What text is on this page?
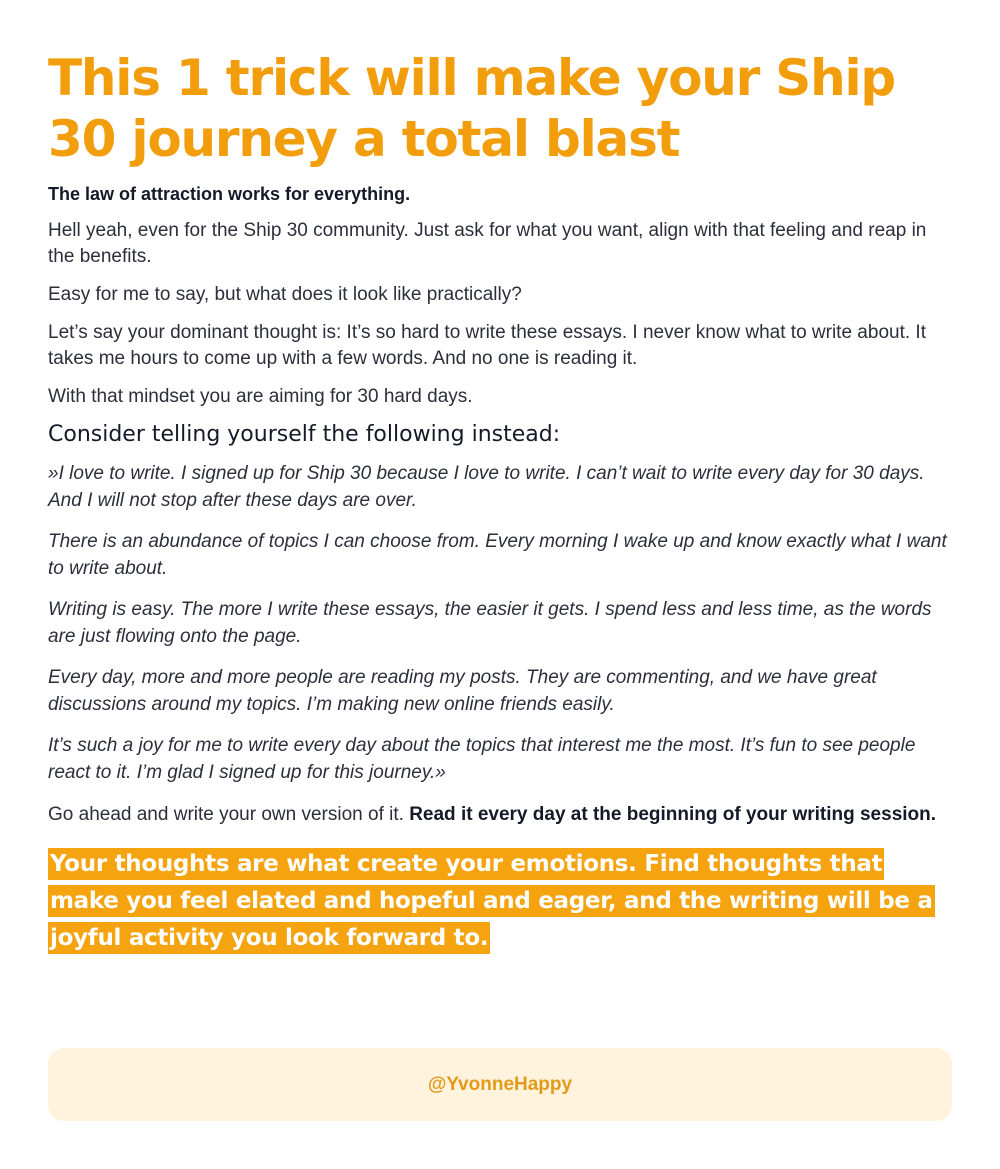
This 1 trick will make your Ship 30 journey a total blast

The law of attraction works for everything.

Hell yeah, even for the Ship 30 community. Just ask for what you want, align with that feeling and reap in the benefits.

Easy for me to say, but what does it look like practically?

Let’s say your dominant thought is: It’s so hard to write these essays. I never know what to write about. It takes me hours to come up with a few words. And no one is reading it.

With that mindset you are aiming for 30 hard days.

Consider telling yourself the following instead:

»I love to write. I signed up for Ship 30 because I love to write. I can’t wait to write every day for 30 days. And I will not stop after these days are over.

There is an abundance of topics I can choose from. Every morning I wake up and know exactly what I want to write about.

Writing is easy. The more I write these essays, the easier it gets. I spend less and less time, as the words are just flowing onto the page.

Every day, more and more people are reading my posts. They are commenting, and we have great discussions around my topics. I’m making new online friends easily.

It’s such a joy for me to write every day about the topics that interest me the most. It’s fun to see people react to it. I’m glad I signed up for this journey.»

Go ahead and write your own version of it. Read it every day at the beginning of your writing session.

Your thoughts are what create your emotions. Find thoughts that make you feel elated and hopeful and eager, and the writing will be a joyful activity you look forward to.

@YvonneHappy
